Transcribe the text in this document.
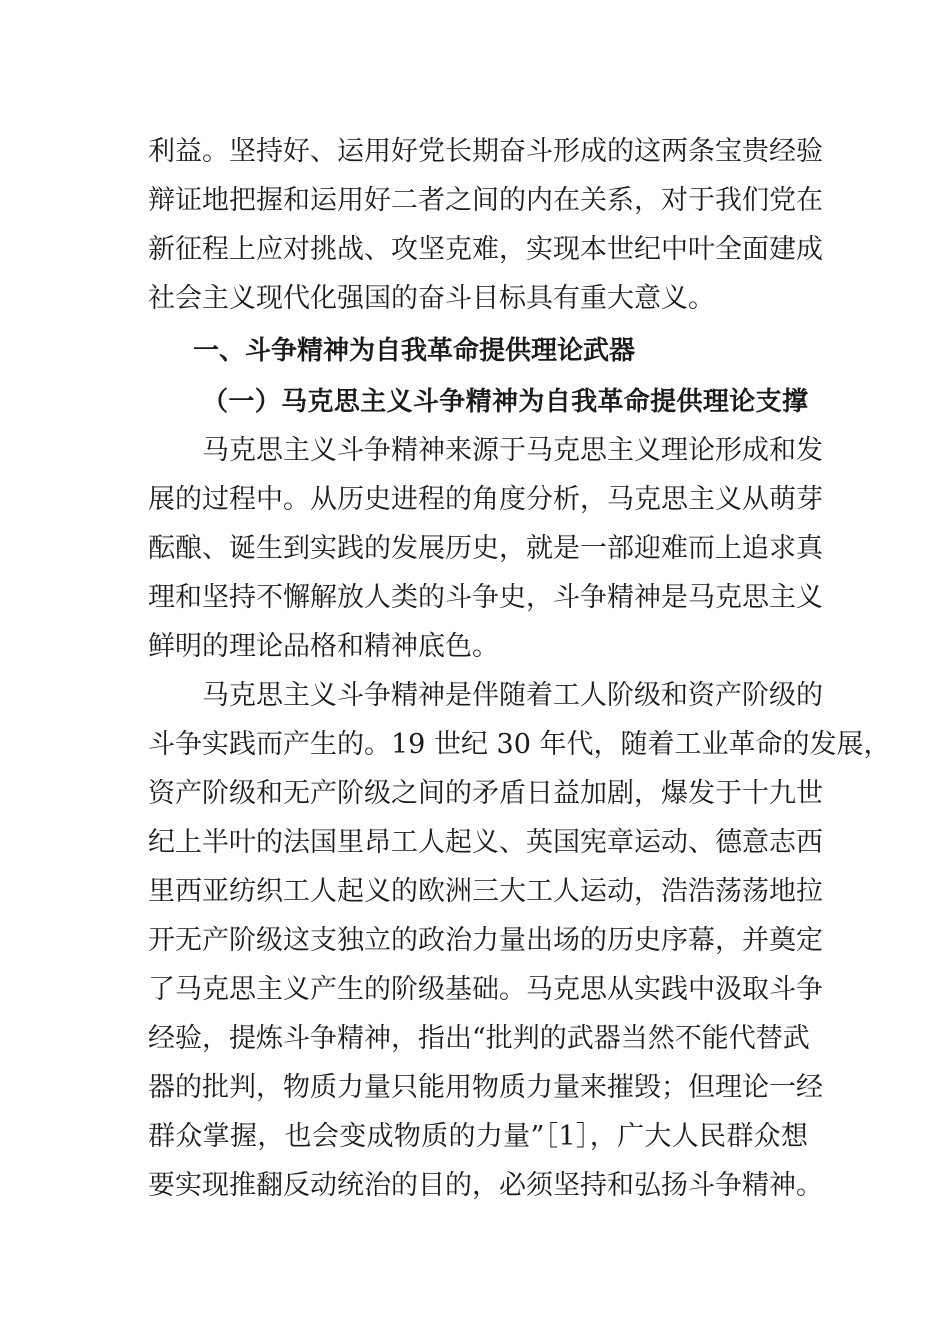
利益。坚持好、运用好党长期奋斗形成的这两条宝贵经验
辩证地把握和运用好二者之间的内在关系，对于我们党在
新征程上应对挑战、攻坚克难，实现本世纪中叶全面建成
社会主义现代化强国的奋斗目标具有重大意义。
一、斗争精神为自我革命提供理论武器
（一）马克思主义斗争精神为自我革命提供理论支撑
马克思主义斗争精神来源于马克思主义理论形成和发
展的过程中。从历史进程的角度分析，马克思主义从萌芽
酝酿、诞生到实践的发展历史，就是一部迎难而上追求真
理和坚持不懈解放人类的斗争史，斗争精神是马克思主义
鲜明的理论品格和精神底色。
马克思主义斗争精神是伴随着工人阶级和资产阶级的
斗争实践而产生的。19 世纪 30 年代，随着工业革命的发展，
资产阶级和无产阶级之间的矛盾日益加剧，爆发于十九世
纪上半叶的法国里昂工人起义、英国宪章运动、德意志西
里西亚纺织工人起义的欧洲三大工人运动，浩浩荡荡地拉
开无产阶级这支独立的政治力量出场的历史序幕，并奠定
了马克思主义产生的阶级基础。马克思从实践中汲取斗争
经验，提炼斗争精神，指出“批判的武器当然不能代替武
器的批判，物质力量只能用物质力量来摧毁；但理论一经
群众掌握，也会变成物质的力量”［1］，广大人民群众想
要实现推翻反动统治的目的，必须坚持和弘扬斗争精神。
